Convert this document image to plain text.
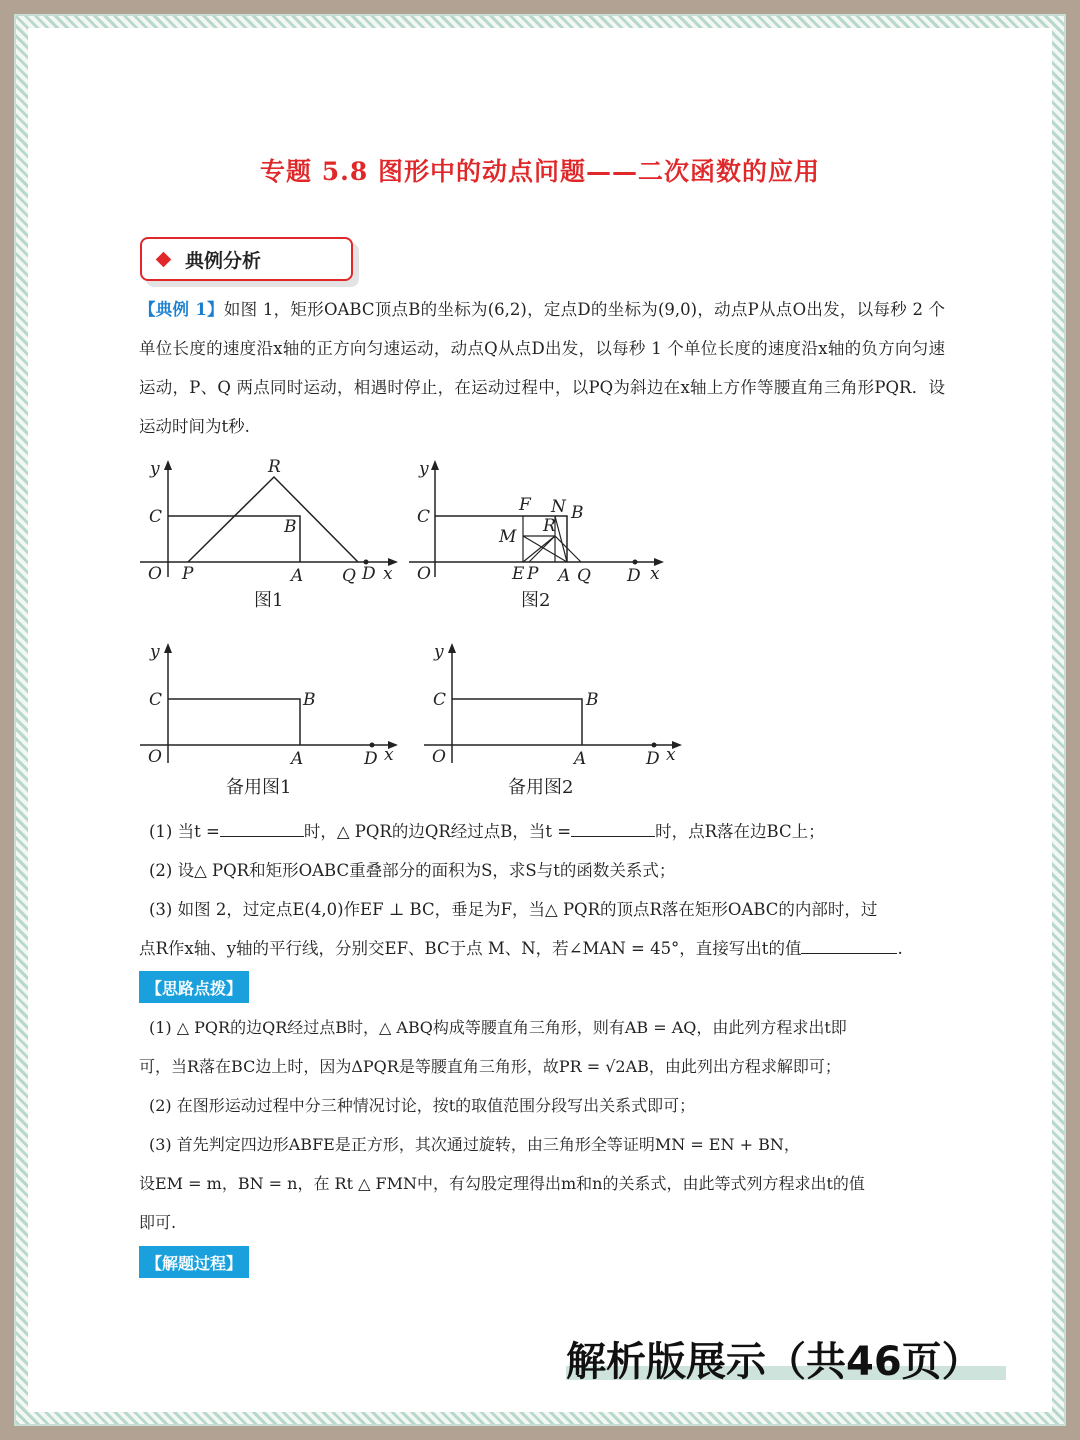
专题 5.8 图形中的动点问题——二次函数的应用
典例分析
【典例 1】如图 1，矩形OABC顶点B的坐标为(6,2)，定点D的坐标为(9,0)，动点P从点O出发，以每秒 2 个单位长度的速度沿x轴的正方向匀速运动，动点Q从点D出发，以每秒 1 个单位长度的速度沿x轴的负方向匀速运动，P、Q 两点同时运动，相遇时停止，在运动过程中，以PQ为斜边在x轴上方作等腰直角三角形PQR．设运动时间为t秒.
y	R
C	B
O P	A Q D x
图1
y
C
F N B
R
M
O	E P A Q D x
图2
y
C	B
O	A	D x
备用图1
y
C	B
O	A	D x
备用图2
(1) 当t =	时，△ PQR的边QR经过点B，当t =	时，点R落在边BC上；
(2) 设△ PQR和矩形OABC重叠部分的面积为S，求S与t的函数关系式；
(3) 如图 2，过定点E(4,0)作EF ⊥ BC，垂足为F，当△ PQR的顶点R落在矩形OABC的内部时，过
点R作x轴、y轴的平行线，分别交EF、BC于点 M、N，若∠MAN = 45°，直接写出t的值	.
【思路点拨】
(1) △ PQR的边QR经过点B时，△ ABQ构成等腰直角三角形，则有AB = AQ，由此列方程求出t即
可，当R落在BC边上时，因为ΔPQR是等腰直角三角形，故PR = √2AB，由此列出方程求解即可；
(2) 在图形运动过程中分三种情况讨论，按t的取值范围分段写出关系式即可；
(3) 首先判定四边形ABFE是正方形，其次通过旋转，由三角形全等证明MN = EN + BN，
设EM = m，BN = n，在 Rt △ FMN中，有勾股定理得出m和n的关系式，由此等式列方程求出t的值
即可.
【解题过程】
解析版展示（共46页）
